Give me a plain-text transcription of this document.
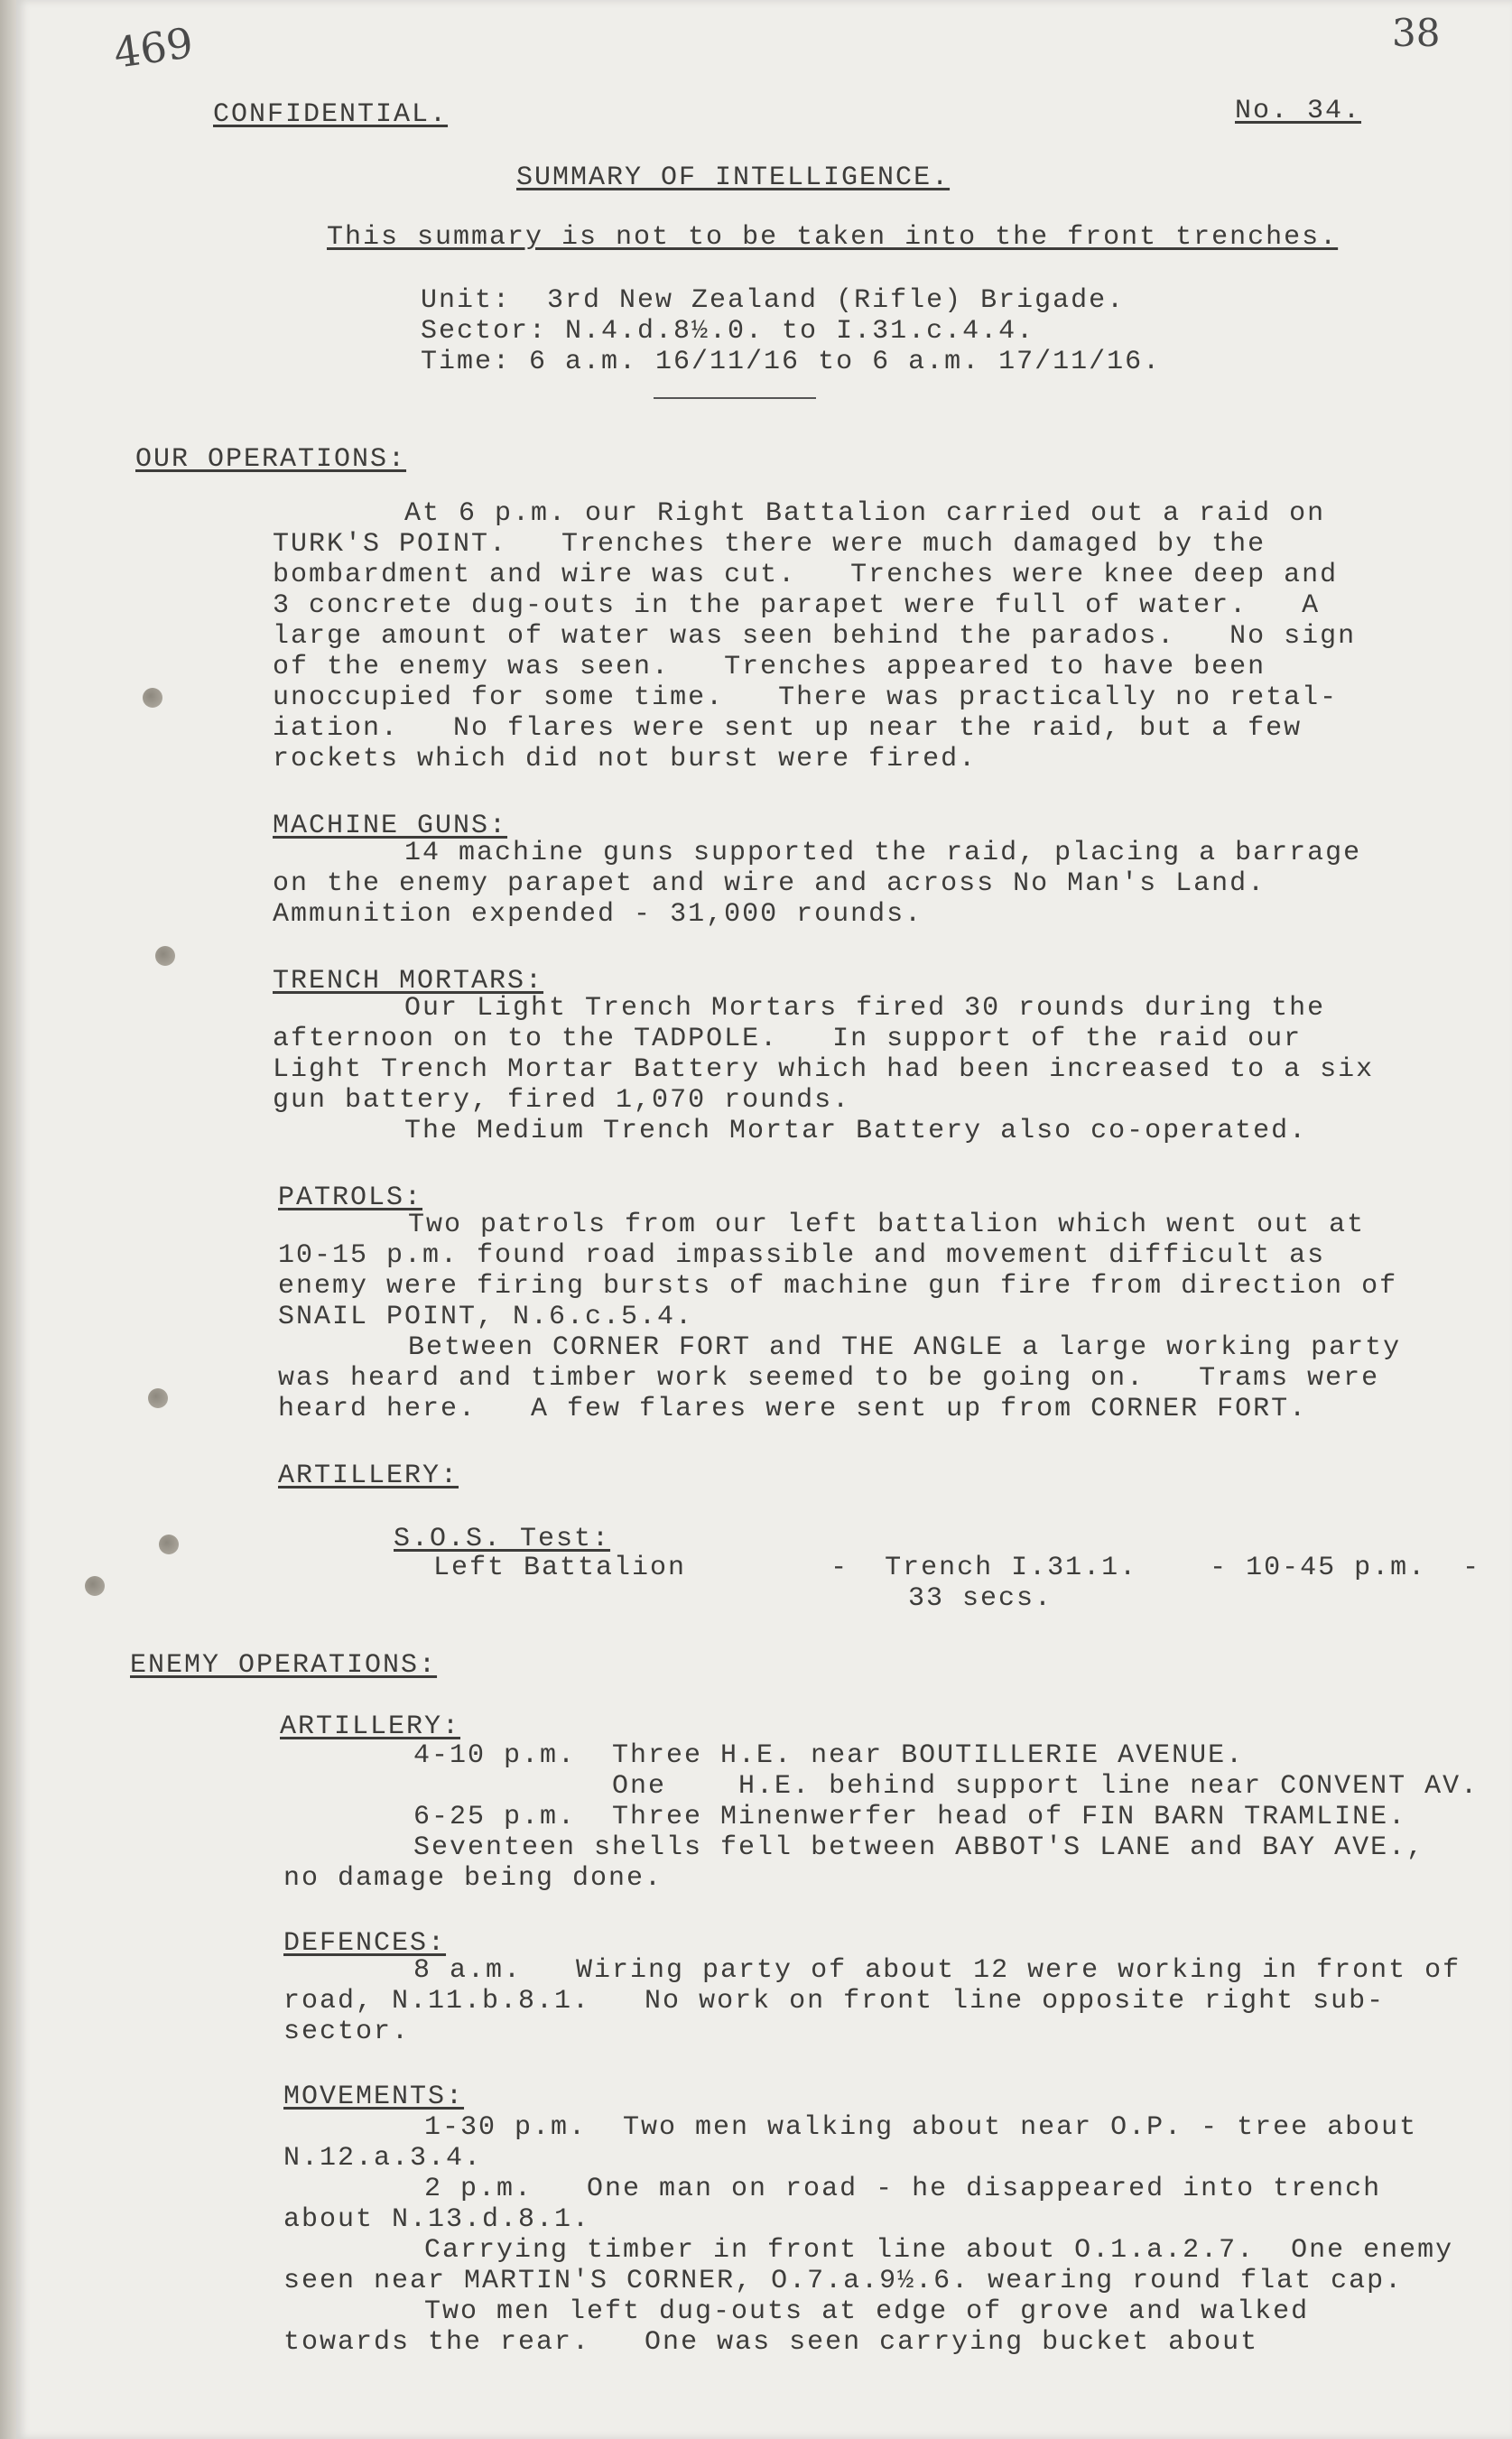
469	38
CONFIDENTIAL.	No. 34.
SUMMARY OF INTELLIGENCE.
This summary is not to be taken into the front trenches.
Unit:  3rd New Zealand (Rifle) Brigade.
Sector: N.4.d.8½.0. to I.31.c.4.4.
Time: 6 a.m. 16/11/16 to 6 a.m. 17/11/16.
OUR OPERATIONS:
At 6 p.m. our Right Battalion carried out a raid on
TURK'S POINT.   Trenches there were much damaged by the
bombardment and wire was cut.   Trenches were knee deep and
3 concrete dug-outs in the parapet were full of water.   A
large amount of water was seen behind the parados.   No sign
of the enemy was seen.   Trenches appeared to have been
unoccupied for some time.   There was practically no retal-
iation.   No flares were sent up near the raid, but a few
rockets which did not burst were fired.
MACHINE GUNS:
14 machine guns supported the raid, placing a barrage
on the enemy parapet and wire and across No Man's Land.
Ammunition expended - 31,000 rounds.
TRENCH MORTARS:
Our Light Trench Mortars fired 30 rounds during the
afternoon on to the TADPOLE.   In support of the raid our
Light Trench Mortar Battery which had been increased to a six
gun battery, fired 1,070 rounds.
The Medium Trench Mortar Battery also co-operated.
PATROLS:
Two patrols from our left battalion which went out at
10-15 p.m. found road impassible and movement difficult as
enemy were firing bursts of machine gun fire from direction of
SNAIL POINT, N.6.c.5.4.
Between CORNER FORT and THE ANGLE a large working party
was heard and timber work seemed to be going on.   Trams were
heard here.   A few flares were sent up from CORNER FORT.
ARTILLERY:
S.O.S. Test:
Left Battalion        -  Trench I.31.1.    - 10-45 p.m.  -
33 secs.
ENEMY OPERATIONS:
ARTILLERY:
4-10 p.m.  Three H.E. near BOUTILLERIE AVENUE.
One    H.E. behind support line near CONVENT AV.
6-25 p.m.  Three Minenwerfer head of FIN BARN TRAMLINE.
Seventeen shells fell between ABBOT'S LANE and BAY AVE.,
no damage being done.
DEFENCES:
8 a.m.   Wiring party of about 12 were working in front of
road, N.11.b.8.1.   No work on front line opposite right sub-
sector.
MOVEMENTS:
1-30 p.m.  Two men walking about near O.P. - tree about
N.12.a.3.4.
2 p.m.   One man on road - he disappeared into trench
about N.13.d.8.1.
Carrying timber in front line about O.1.a.2.7.  One enemy
seen near MARTIN'S CORNER, O.7.a.9½.6. wearing round flat cap.
Two men left dug-outs at edge of grove and walked
towards the rear.   One was seen carrying bucket about
